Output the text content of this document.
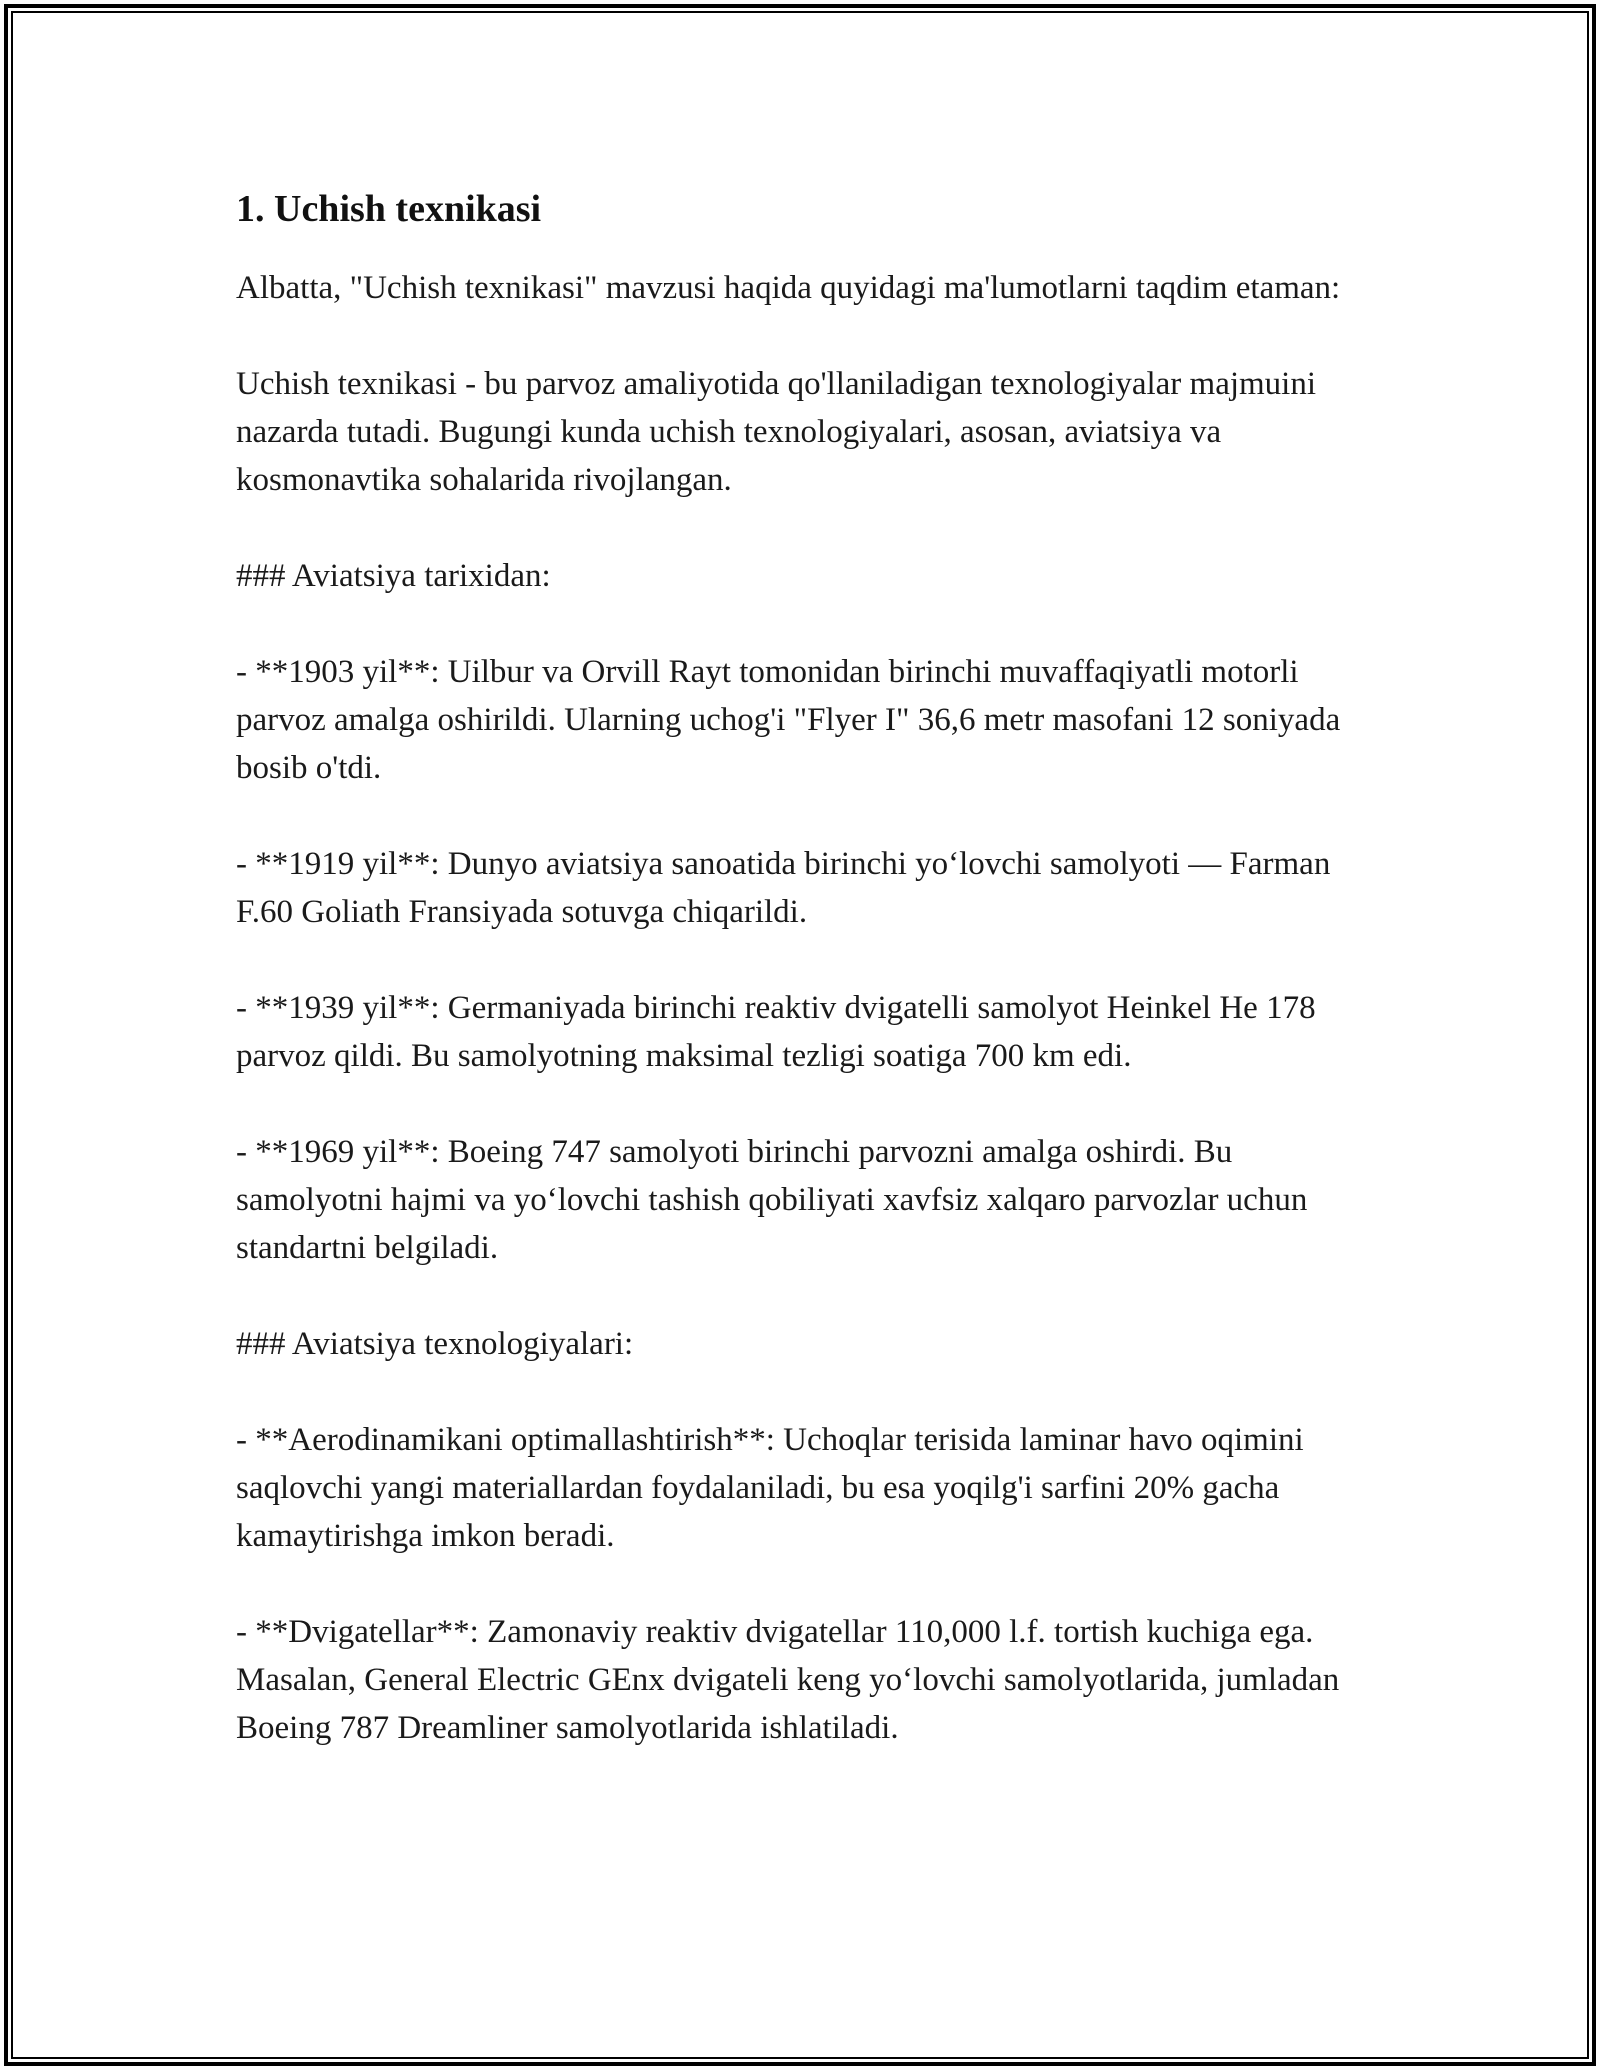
1. Uchish texnikasi

Albatta, "Uchish texnikasi" mavzusi haqida quyidagi ma'lumotlarni taqdim etaman:

Uchish texnikasi - bu parvoz amaliyotida qo'llaniladigan texnologiyalar majmuini nazarda tutadi. Bugungi kunda uchish texnologiyalari, asosan, aviatsiya va kosmonavtika sohalarida rivojlangan.

### Aviatsiya tarixidan:

- **1903 yil**: Uilbur va Orvill Rayt tomonidan birinchi muvaffaqiyatli motorli parvoz amalga oshirildi. Ularning uchog'i "Flyer I" 36,6 metr masofani 12 soniyada bosib o'tdi.

- **1919 yil**: Dunyo aviatsiya sanoatida birinchi yo‘lovchi samolyoti — Farman F.60 Goliath Fransiyada sotuvga chiqarildi.

- **1939 yil**: Germaniyada birinchi reaktiv dvigatelli samolyot Heinkel He 178 parvoz qildi. Bu samolyotning maksimal tezligi soatiga 700 km edi.

- **1969 yil**: Boeing 747 samolyoti birinchi parvozni amalga oshirdi. Bu samolyotni hajmi va yo‘lovchi tashish qobiliyati xavfsiz xalqaro parvozlar uchun standartni belgiladi.

### Aviatsiya texnologiyalari:

- **Aerodinamikani optimallashtirish**: Uchoqlar terisida laminar havo oqimini saqlovchi yangi materiallardan foydalaniladi, bu esa yoqilg'i sarfini 20% gacha kamaytirishga imkon beradi.

- **Dvigatellar**: Zamonaviy reaktiv dvigatellar 110,000 l.f. tortish kuchiga ega. Masalan, General Electric GEnx dvigateli keng yo‘lovchi samolyotlarida, jumladan Boeing 787 Dreamliner samolyotlarida ishlatiladi.
